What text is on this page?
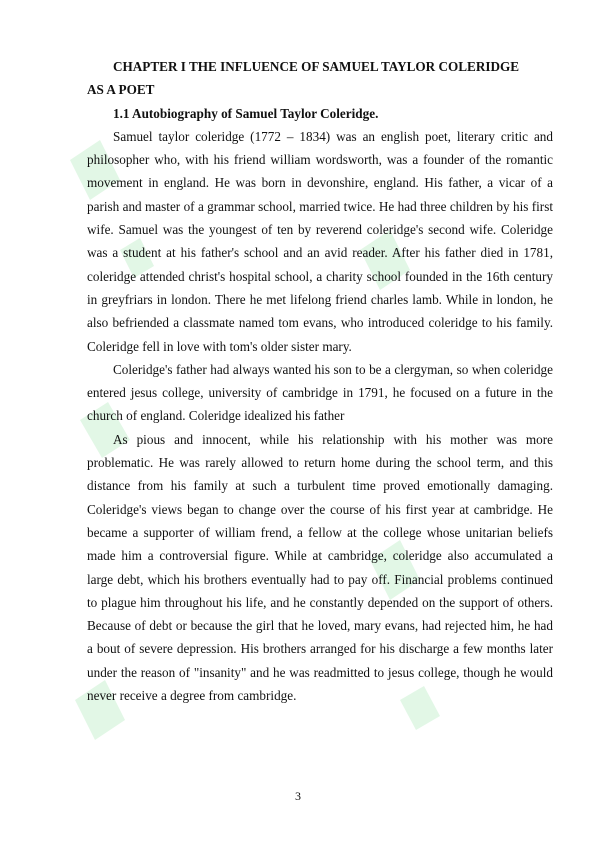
CHAPTER I THE INFLUENCE OF SAMUEL TAYLOR COLERIDGE
AS A POET
1.1 Autobiography of Samuel Taylor Coleridge.

Samuel taylor coleridge (1772 – 1834) was an english poet, literary critic and philosopher who, with his friend william wordsworth, was a founder of the romantic movement in england. He was born in devonshire, england. His father, a vicar of a parish and master of a grammar school, married twice. He had three children by his first wife. Samuel was the youngest of ten by reverend coleridge's second wife. Coleridge was a student at his father's school and an avid reader. After his father died in 1781, coleridge attended christ's hospital school, a charity school founded in the 16th century in greyfriars in london. There he met lifelong friend charles lamb. While in london, he also befriended a classmate named tom evans, who introduced coleridge to his family. Coleridge fell in love with tom's older sister mary.

Coleridge's father had always wanted his son to be a clergyman, so when coleridge entered jesus college, university of cambridge in 1791, he focused on a future in the church of england. Coleridge idealized his father

As pious and innocent, while his relationship with his mother was more problematic. He was rarely allowed to return home during the school term, and this distance from his family at such a turbulent time proved emotionally damaging. Coleridge's views began to change over the course of his first year at cambridge. He became a supporter of william frend, a fellow at the college whose unitarian beliefs made him a controversial figure. While at cambridge, coleridge also accumulated a large debt, which his brothers eventually had to pay off. Financial problems continued to plague him throughout his life, and he constantly depended on the support of others. Because of debt or because the girl that he loved, mary evans, had rejected him, he had a bout of severe depression. His brothers arranged for his discharge a few months later under the reason of "insanity" and he was readmitted to jesus college, though he would never receive a degree from cambridge.

3
